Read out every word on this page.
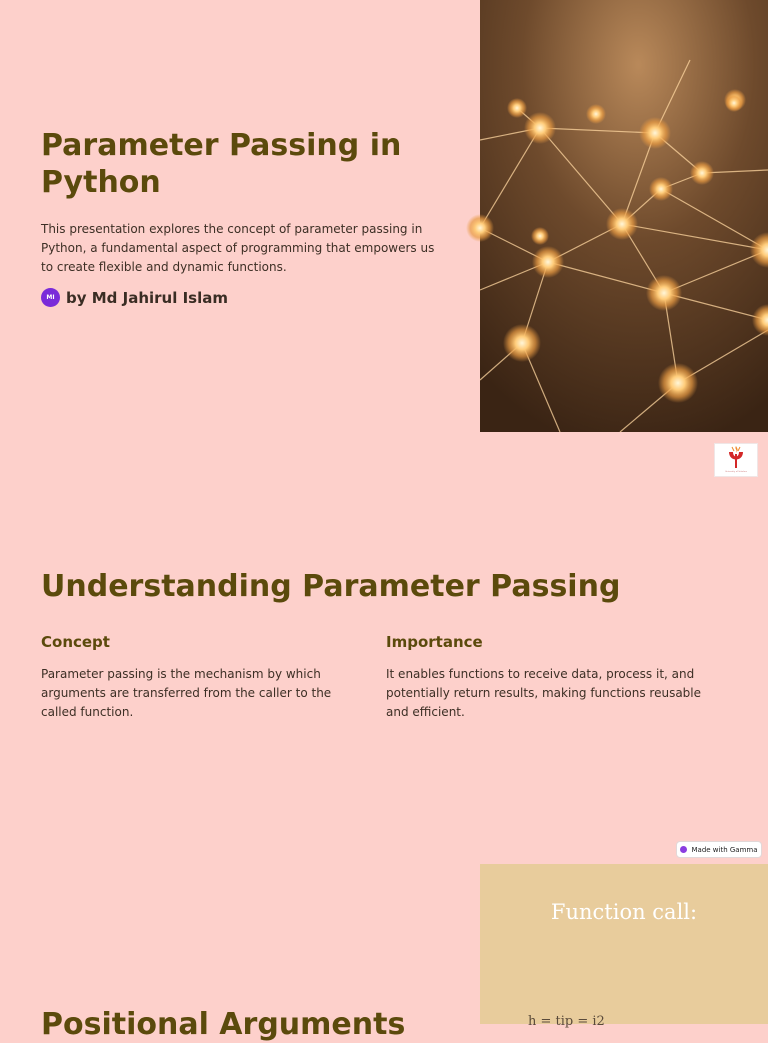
Parameter Passing in Python

This presentation explores the concept of parameter passing in Python, a fundamental aspect of programming that empowers us to create flexible and dynamic functions.

MI by Md Jahirul Islam
University of Scholars
Understanding Parameter Passing
Concept

Parameter passing is the mechanism by which arguments are transferred from the caller to the called function.

Importance

It enables functions to receive data, process it, and potentially return results, making functions reusable and efficient.

Made with Gamma
Positional Arguments
Function call:
h = tip = i2
